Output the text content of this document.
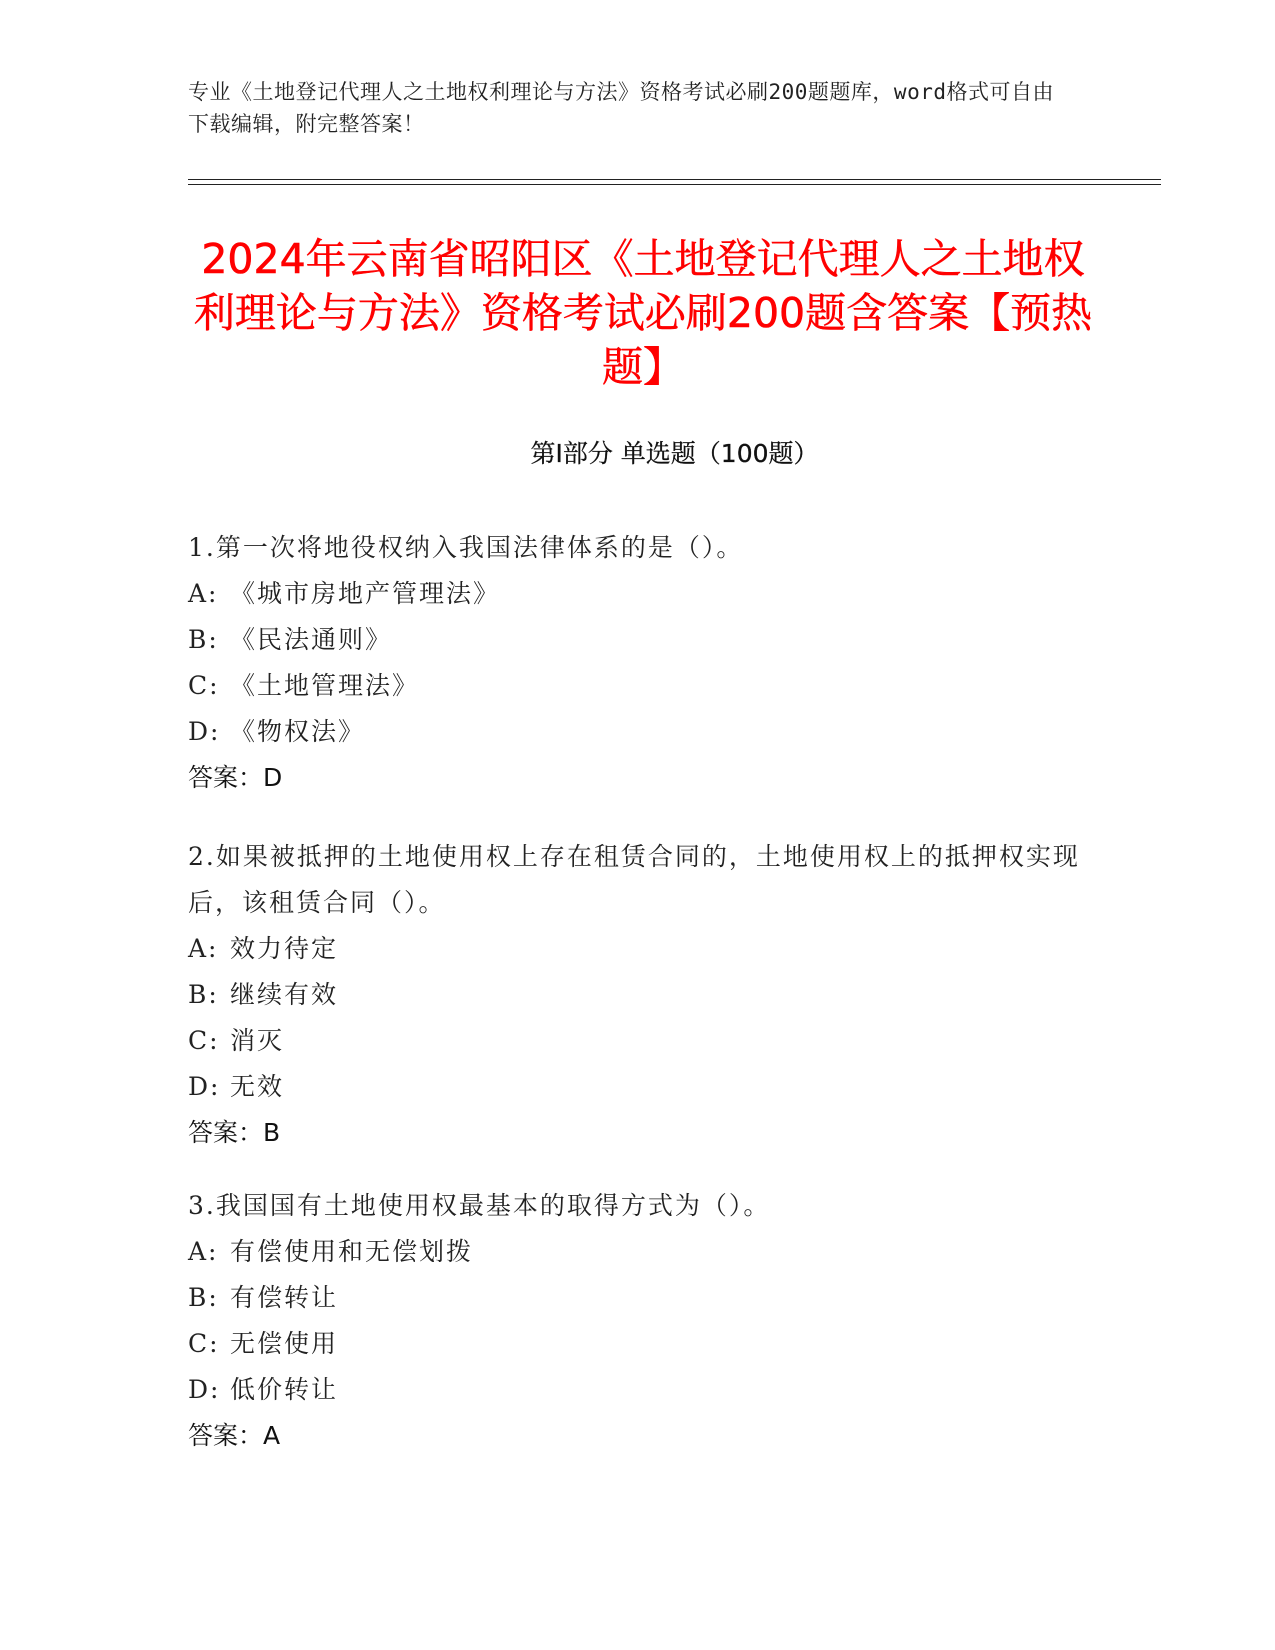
专业《土地登记代理人之土地权利理论与方法》资格考试必刷200题题库，word格式可自由下载编辑，附完整答案！
2024年云南省昭阳区《土地登记代理人之土地权利理论与方法》资格考试必刷200题含答案【预热题】
第I部分 单选题（100题）

1.第一次将地役权纳入我国法律体系的是（）。

A: 《城市房地产管理法》

B: 《民法通则》

C: 《土地管理法》

D: 《物权法》

答案：D

2.如果被抵押的土地使用权上存在租赁合同的，土地使用权上的抵押权实现后，该租赁合同（）。

A: 效力待定

B: 继续有效

C: 消灭

D: 无效

答案：B

3.我国国有土地使用权最基本的取得方式为（）。

A: 有偿使用和无偿划拨

B: 有偿转让

C: 无偿使用

D: 低价转让

答案：A
